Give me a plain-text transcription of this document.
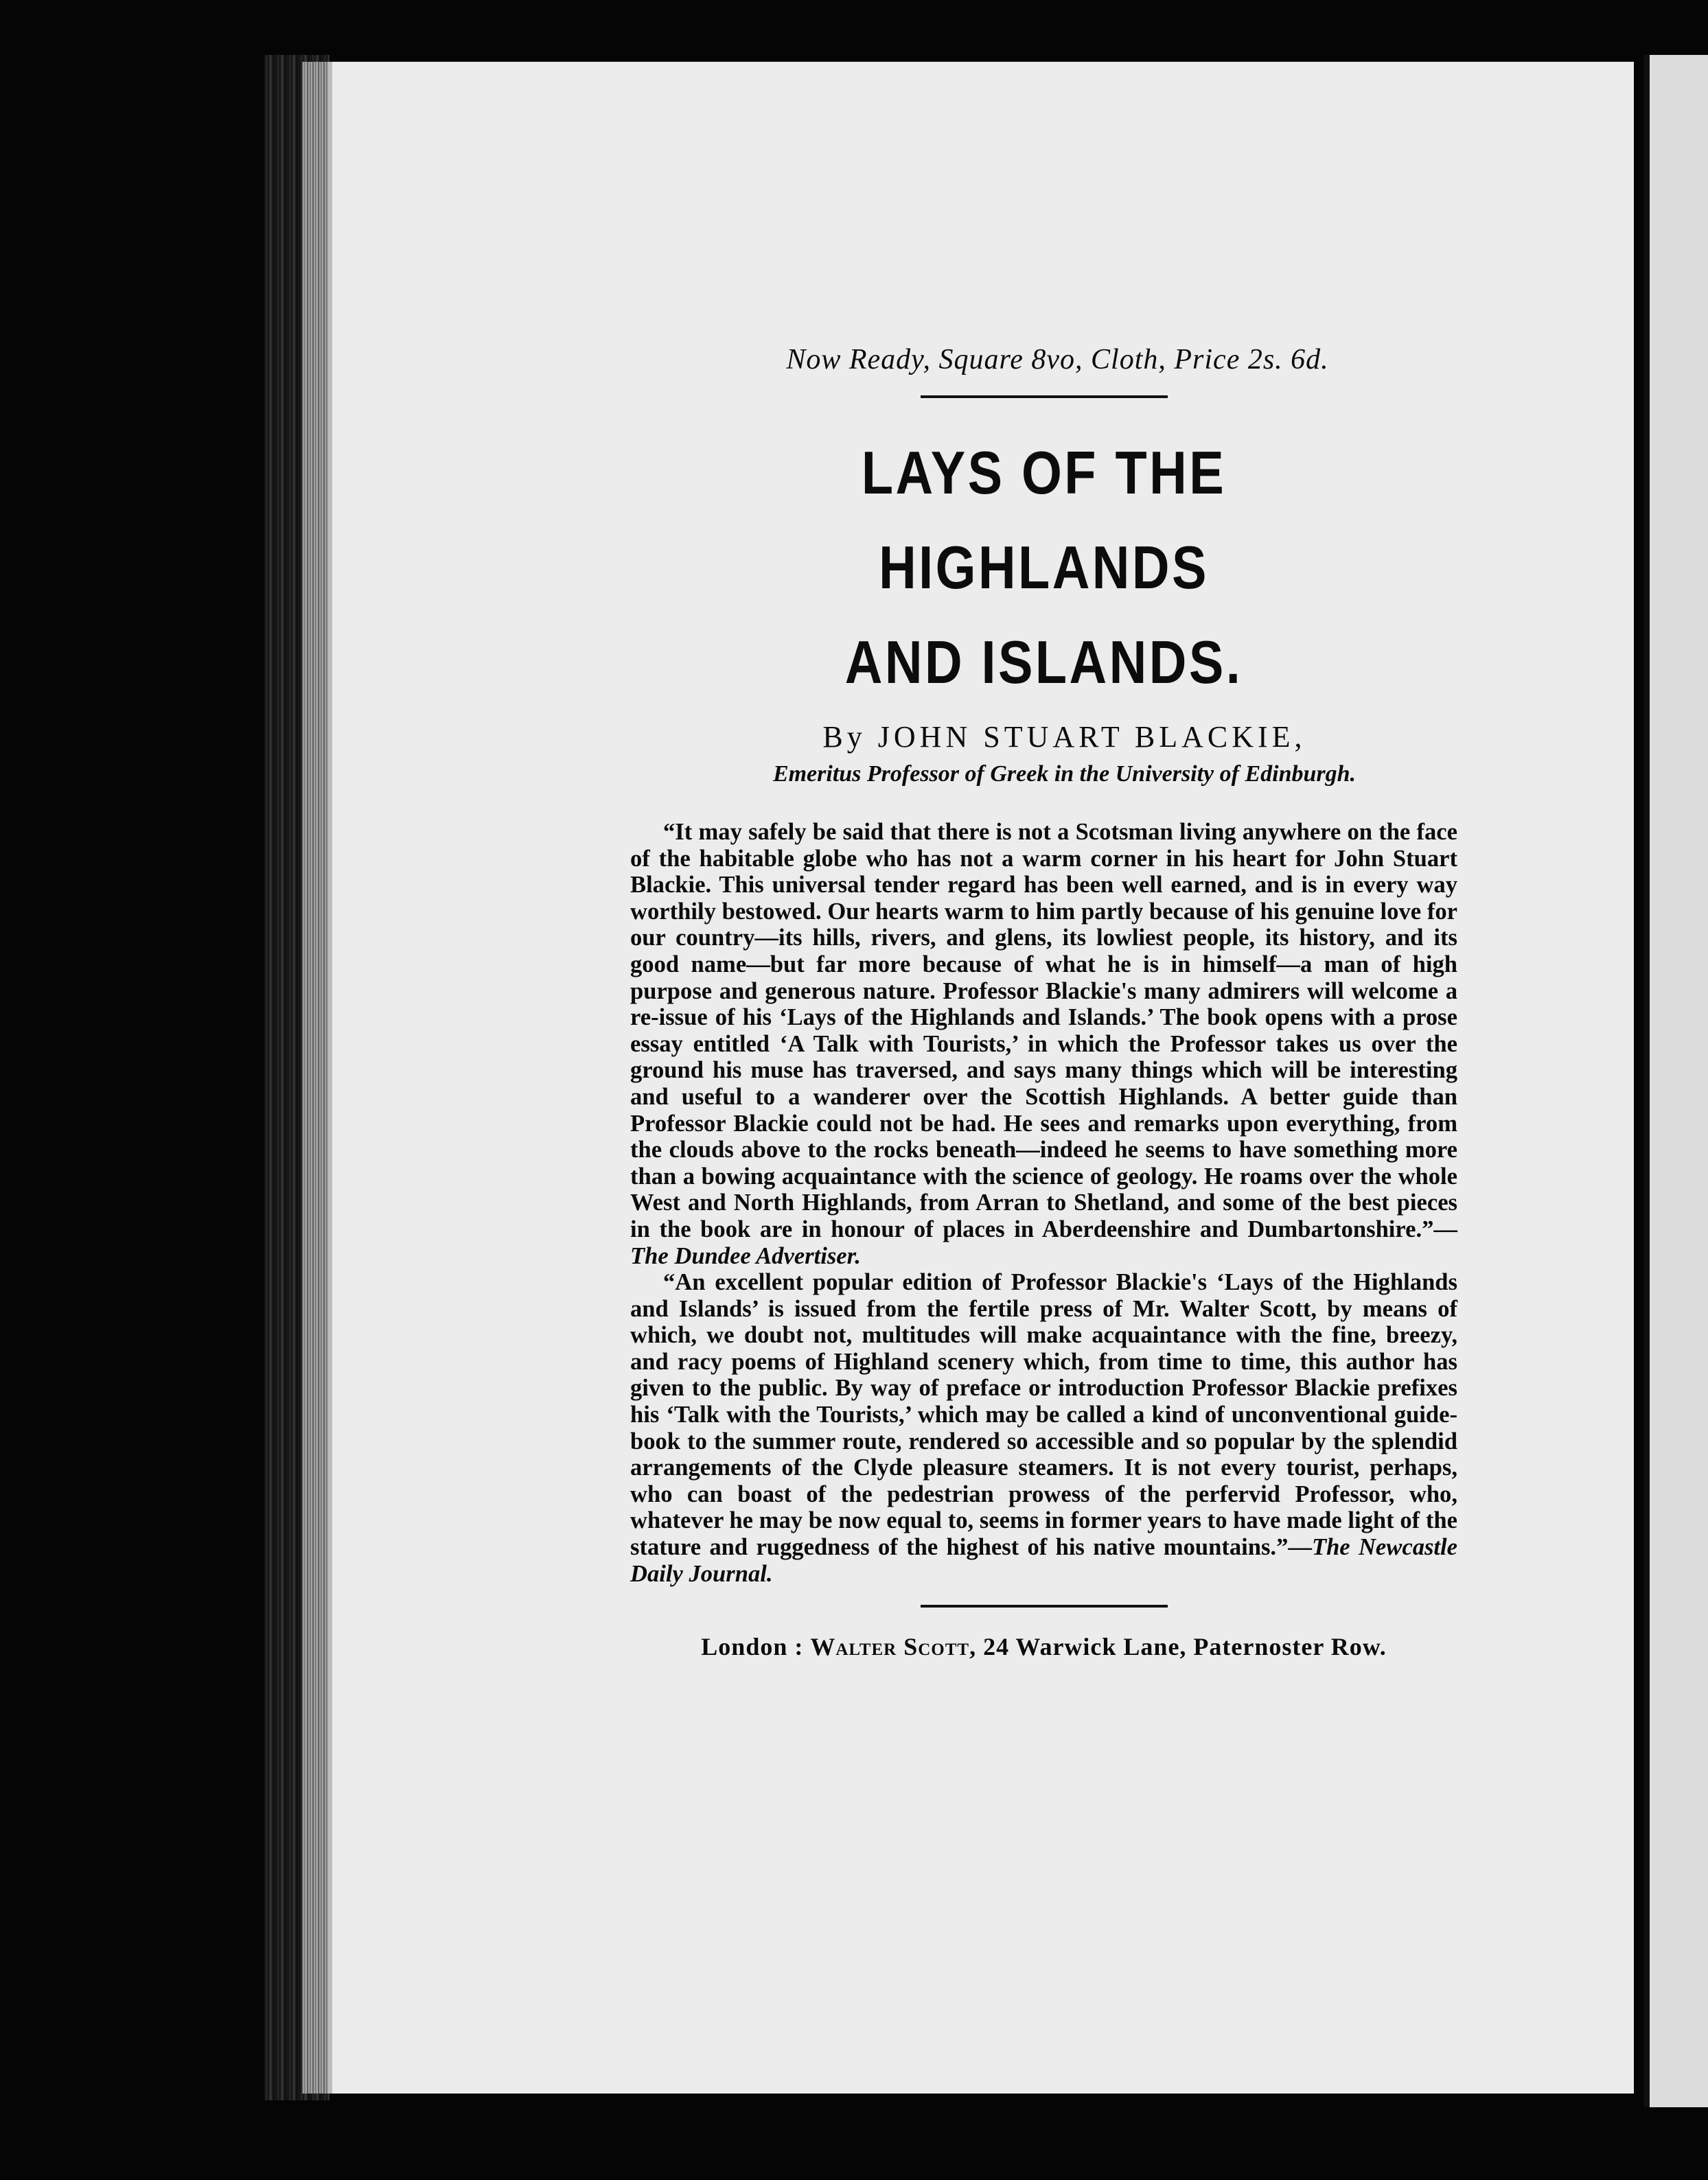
Now Ready, Square 8vo, Cloth, Price 2s. 6d.

LAYS OF THE HIGHLANDS
AND ISLANDS.

By JOHN STUART BLACKIE,

Emeritus Professor of Greek in the University of Edinburgh.

“It may safely be said that there is not a Scotsman living anywhere on the face of the habitable globe who has not a warm corner in his heart for John Stuart Blackie. This universal tender regard has been well earned, and is in every way worthily bestowed. Our hearts warm to him partly because of his genuine love for our country—its hills, rivers, and glens, its lowliest people, its history, and its good name—but far more because of what he is in himself—a man of high purpose and generous nature. Professor Blackie's many admirers will welcome a re-issue of his ‘Lays of the Highlands and Islands.’ The book opens with a prose essay entitled ‘A Talk with Tourists,’ in which the Professor takes us over the ground his muse has traversed, and says many things which will be interesting and useful to a wanderer over the Scottish Highlands. A better guide than Professor Blackie could not be had. He sees and remarks upon everything, from the clouds above to the rocks beneath—indeed he seems to have something more than a bowing acquaintance with the science of geology. He roams over the whole West and North Highlands, from Arran to Shetland, and some of the best pieces in the book are in honour of places in Aberdeenshire and Dumbartonshire.”—The Dundee Advertiser.

“An excellent popular edition of Professor Blackie's ‘Lays of the Highlands and Islands’ is issued from the fertile press of Mr. Walter Scott, by means of which, we doubt not, multitudes will make acquaintance with the fine, breezy, and racy poems of Highland scenery which, from time to time, this author has given to the public. By way of preface or introduction Professor Blackie prefixes his ‘Talk with the Tourists,’ which may be called a kind of unconventional guide-book to the summer route, rendered so accessible and so popular by the splendid arrangements of the Clyde pleasure steamers. It is not every tourist, perhaps, who can boast of the pedestrian prowess of the perfervid Professor, who, whatever he may be now equal to, seems in former years to have made light of the stature and ruggedness of the highest of his native mountains.”—The Newcastle Daily Journal.

London : Walter Scott, 24 Warwick Lane, Paternoster Row.
